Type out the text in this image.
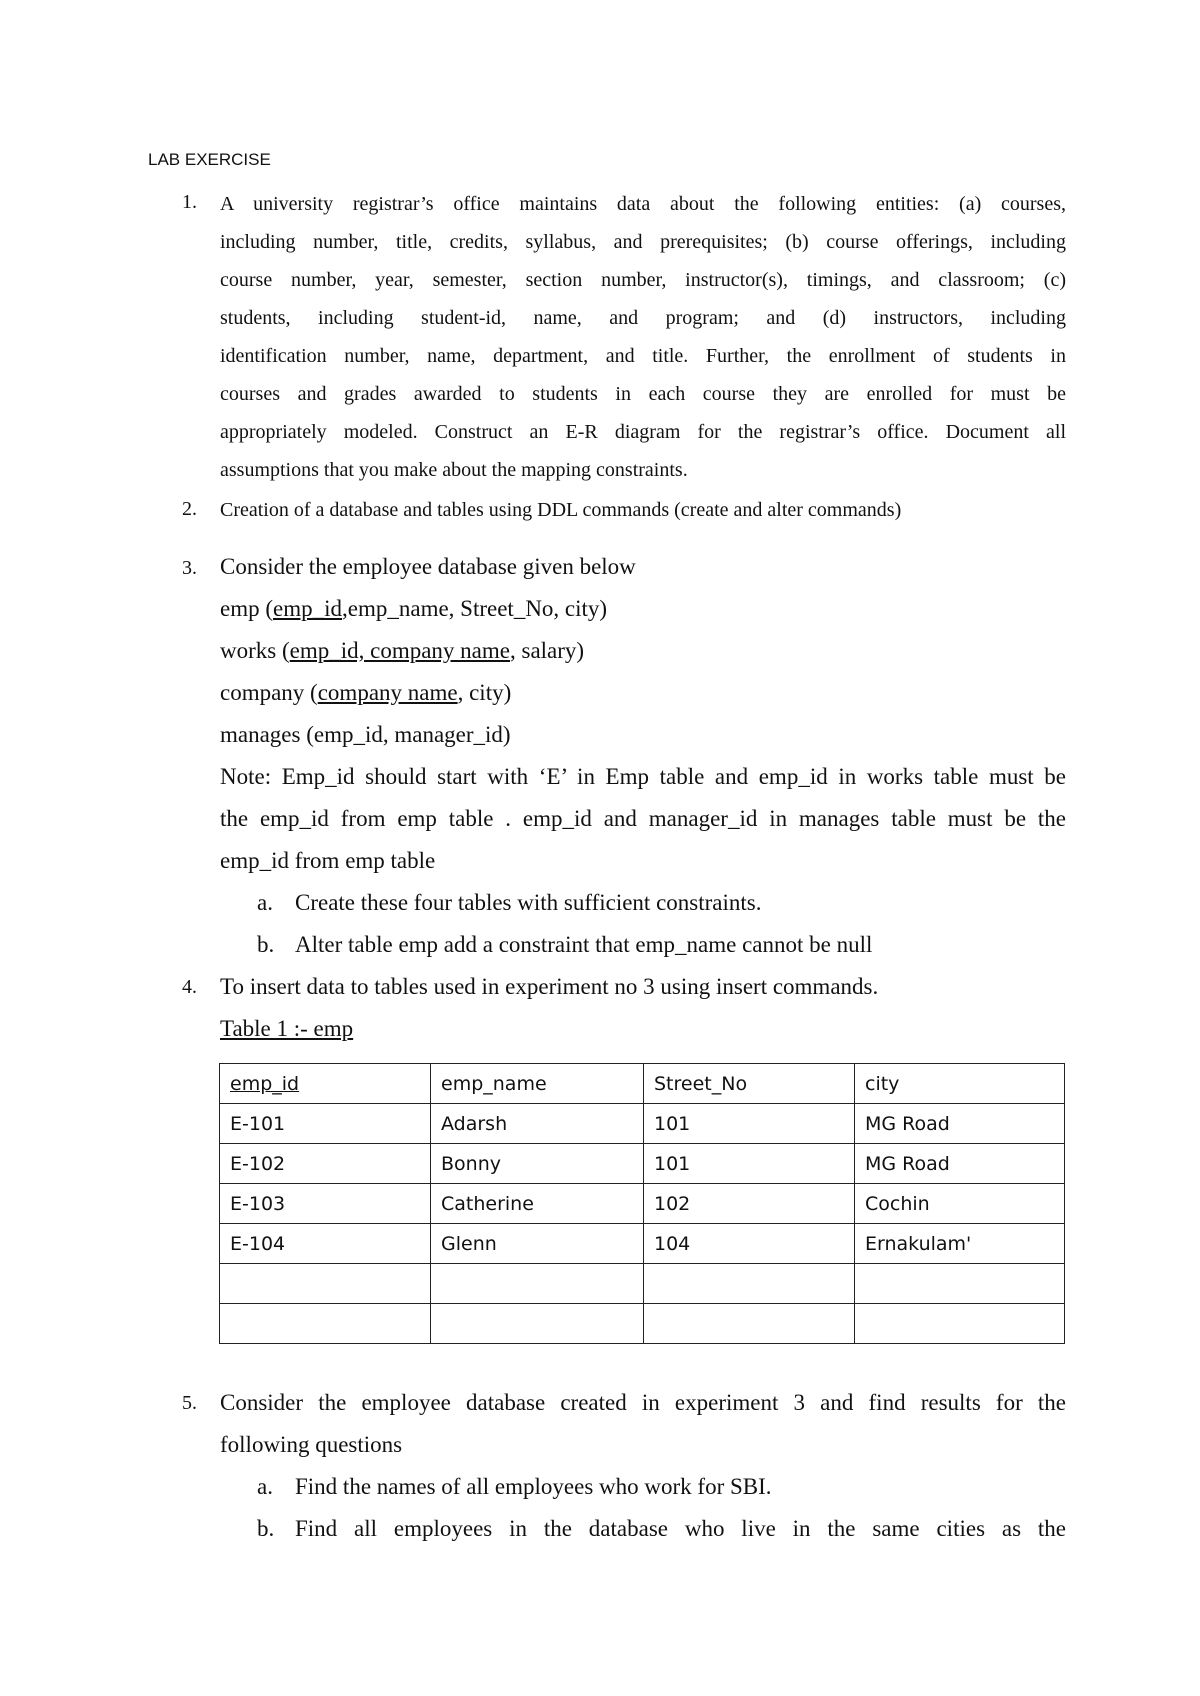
LAB EXERCISE
1.	A university registrar’s office maintains data about the following entities: (a) courses,
including number, title, credits, syllabus, and prerequisites; (b) course offerings, including
course number, year, semester, section number, instructor(s), timings, and classroom; (c)
students, including student-id, name, and program; and (d) instructors, including
identification number, name, department, and title. Further, the enrollment of students in
courses and grades awarded to students in each course they are enrolled for must be
appropriately modeled. Construct an E-R diagram for the registrar’s office. Document all
assumptions that you make about the mapping constraints.
2.	Creation of a database and tables using DDL commands (create and alter commands)
3.	Consider the employee database given below
emp (emp_id,emp_name, Street_No, city)
works (emp_id, company name, salary)
company (company name, city)
manages (emp_id, manager_id)
Note: Emp_id should start with ‘E’ in Emp table and emp_id in works table must be
the emp_id from emp table . emp_id and manager_id in manages table must be the
emp_id from emp table
a. Create these four tables with sufficient constraints.
b. Alter table emp add a constraint that emp_name cannot be null
4.	To insert data to tables used in experiment no 3 using insert commands.
Table 1 :- emp
emp_id	emp_name	Street_No	city
E-101	Adarsh	101	MG Road
E-102	Bonny	101	MG Road
E-103	Catherine	102	Cochin
E-104	Glenn	104	Ernakulam'

5.	Consider the employee database created in experiment 3 and find results for the
following questions
a. Find the names of all employees who work for SBI.
b. Find all employees in the database who live in the same cities as the
